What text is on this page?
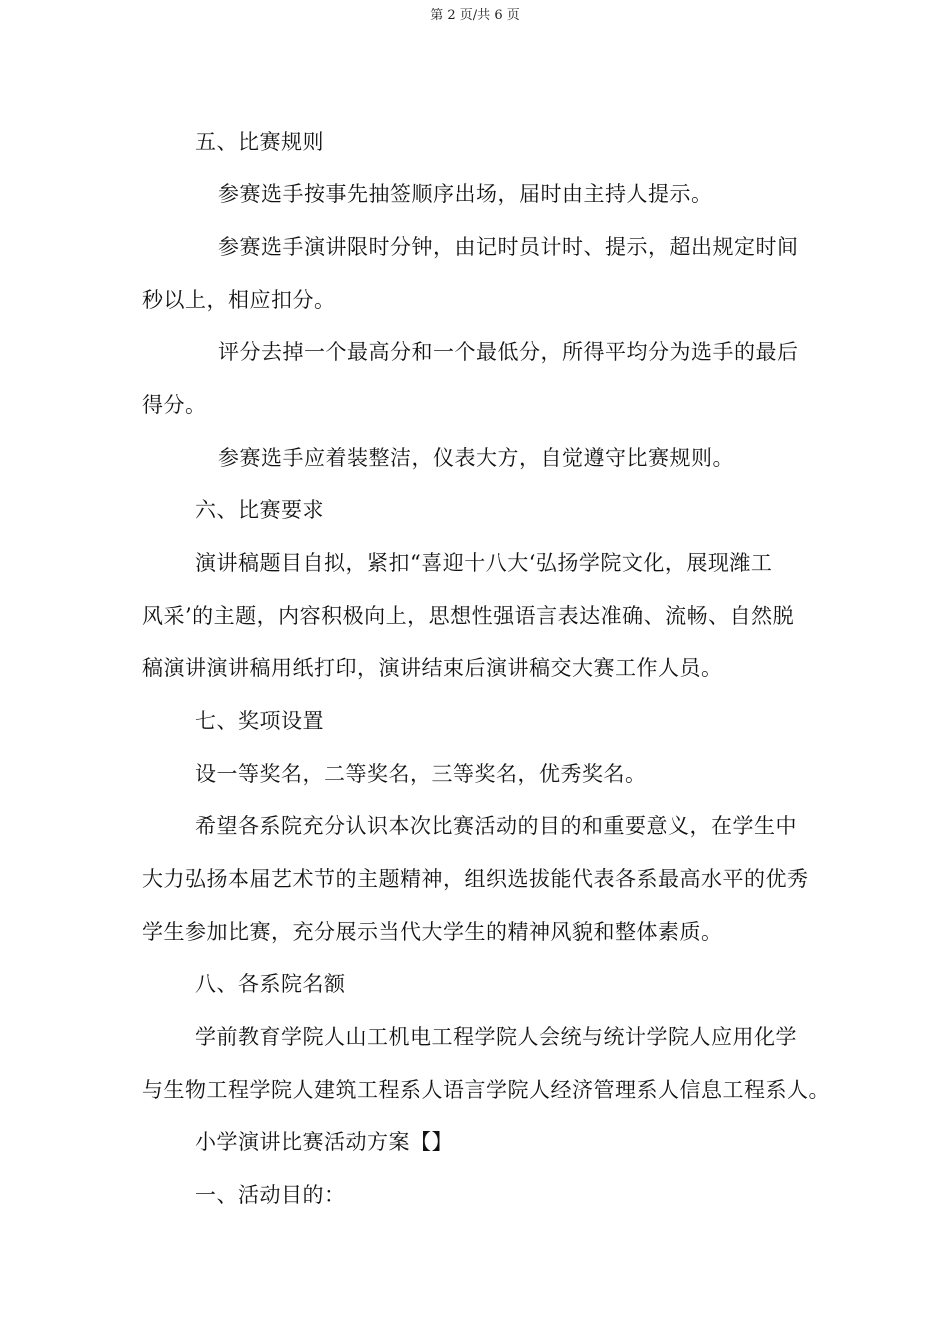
第 2 页/共 6 页
五、比赛规则
参赛选手按事先抽签顺序出场，届时由主持人提示。
参赛选手演讲限时分钟，由记时员计时、提示，超出规定时间
秒以上，相应扣分。
评分去掉一个最高分和一个最低分，所得平均分为选手的最后
得分。
参赛选手应着装整洁，仪表大方，自觉遵守比赛规则。
六、比赛要求
演讲稿题目自拟，紧扣“喜迎十八大‘弘扬学院文化，展现潍工
风采’的主题，内容积极向上，思想性强语言表达准确、流畅、自然脱
稿演讲演讲稿用纸打印，演讲结束后演讲稿交大赛工作人员。
七、奖项设置
设一等奖名，二等奖名，三等奖名，优秀奖名。
希望各系院充分认识本次比赛活动的目的和重要意义，在学生中
大力弘扬本届艺术节的主题精神，组织选拔能代表各系最高水平的优秀
学生参加比赛，充分展示当代大学生的精神风貌和整体素质。
八、各系院名额
学前教育学院人山工机电工程学院人会统与统计学院人应用化学
与生物工程学院人建筑工程系人语言学院人经济管理系人信息工程系人。
小学演讲比赛活动方案【】
一、活动目的：
